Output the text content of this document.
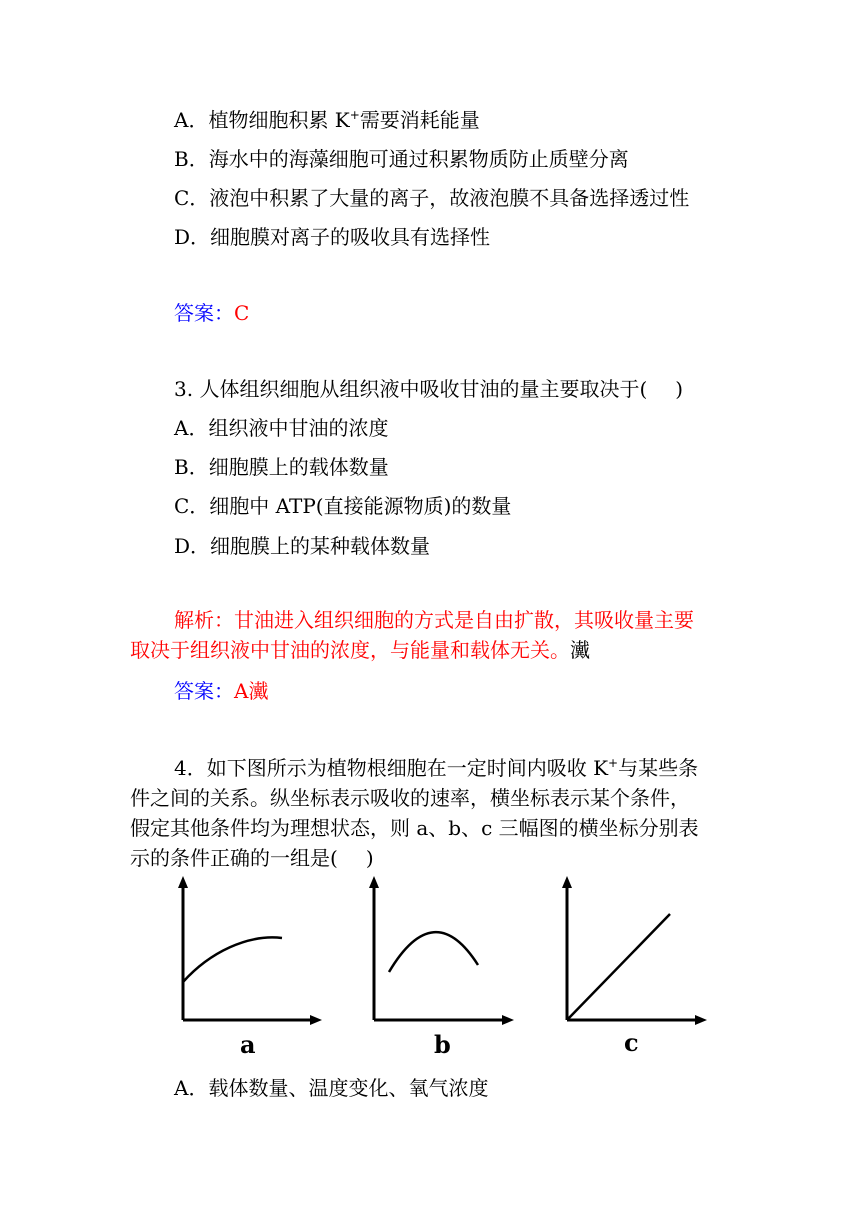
A．植物细胞积累 K+需要消耗能量
B．海水中的海藻细胞可通过积累物质防止质壁分离
C．液泡中积累了大量的离子，故液泡膜不具备选择透过性
D．细胞膜对离子的吸收具有选择性
答案：C
3. 人体组织细胞从组织液中吸收甘油的量主要取决于( )
A．组织液中甘油的浓度
B．细胞膜上的载体数量
C．细胞中 ATP(直接能源物质)的数量
D．细胞膜上的某种载体数量
解析：甘油进入组织细胞的方式是自由扩散，其吸收量主要
取决于组织液中甘油的浓度，与能量和载体无关。瀻
答案：A瀻
4．如下图所示为植物根细胞在一定时间内吸收 K+与某些条
件之间的关系。纵坐标表示吸收的速率，横坐标表示某个条件，
假定其他条件均为理想状态，则 a、b、c 三幅图的横坐标分别表
示的条件正确的一组是( )
a	b	c
A．载体数量、温度变化、氧气浓度
